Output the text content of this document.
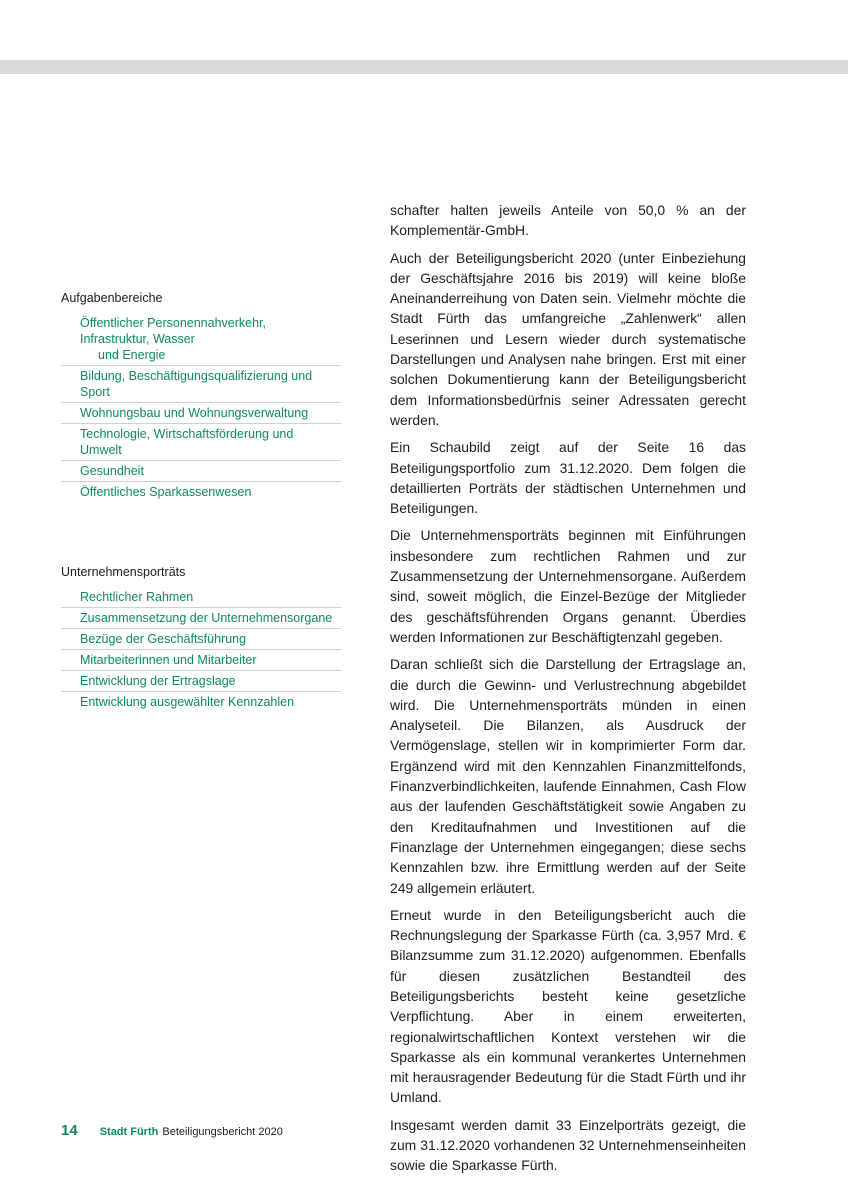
Aufgabenbereiche
Öffentlicher Personennahverkehr, Infrastruktur, Wasser
und Energie
Bildung, Beschäftigungsqualifizierung und Sport
Wohnungsbau und Wohnungsverwaltung
Technologie, Wirtschaftsförderung und Umwelt
Gesundheit
Öffentliches Sparkassenwesen
Unternehmensporträts
Rechtlicher Rahmen
Zusammensetzung der Unternehmensorgane
Bezüge der Geschäftsführung
Mitarbeiterinnen und Mitarbeiter
Entwicklung der Ertragslage
Entwicklung ausgewählter Kennzahlen

schafter halten jeweils Anteile von 50,0 % an der Komplementär-GmbH.

Auch der Beteiligungsbericht 2020 (unter Einbeziehung der Geschäftsjahre 2016 bis 2019) will keine bloße Aneinanderreihung von Daten sein. Vielmehr möchte die Stadt Fürth das umfangreiche „Zahlenwerk“ allen Leserinnen und Lesern wieder durch systematische Darstellungen und Analysen nahe bringen. Erst mit einer solchen Dokumentierung kann der Beteiligungsbericht dem Informationsbedürfnis seiner Adressaten gerecht werden.

Ein Schaubild zeigt auf der Seite 16 das Beteiligungsportfolio zum 31.12.2020. Dem folgen die detaillierten Porträts der städtischen Unternehmen und Beteiligungen.

Die Unternehmensporträts beginnen mit Einführungen insbesondere zum rechtlichen Rahmen und zur Zusammensetzung der Unternehmensorgane. Außerdem sind, soweit möglich, die Einzel-Bezüge der Mitglieder des geschäftsführenden Organs genannt. Überdies werden Informationen zur Beschäftigtenzahl gegeben.

Daran schließt sich die Darstellung der Ertragslage an, die durch die Gewinn- und Verlustrechnung abgebildet wird. Die Unternehmensporträts münden in einen Analyseteil. Die Bilanzen, als Ausdruck der Vermögenslage, stellen wir in komprimierter Form dar. Ergänzend wird mit den Kennzahlen Finanzmittelfonds, Finanzverbindlichkeiten, laufende Einnahmen, Cash Flow aus der laufenden Geschäftstätigkeit sowie Angaben zu den Kreditaufnahmen und Investitionen auf die Finanzlage der Unternehmen eingegangen; diese sechs Kennzahlen bzw. ihre Ermittlung werden auf der Seite 249 allgemein erläutert.

Erneut wurde in den Beteiligungsbericht auch die Rechnungslegung der Sparkasse Fürth (ca. 3,957 Mrd. € Bilanzsumme zum 31.12.2020) aufgenommen. Ebenfalls für diesen zusätzlichen Bestandteil des Beteiligungsberichts besteht keine gesetzliche Verpflichtung. Aber in einem erweiterten, regionalwirtschaftlichen Kontext verstehen wir die Sparkasse als ein kommunal verankertes Unternehmen mit herausragender Bedeutung für die Stadt Fürth und ihr Umland.

Insgesamt werden damit 33 Einzelporträts gezeigt, die zum 31.12.2020 vorhandenen 32 Unternehmenseinheiten sowie die Sparkasse Fürth.

14 Stadt Fürth Beteiligungsbericht 2020
